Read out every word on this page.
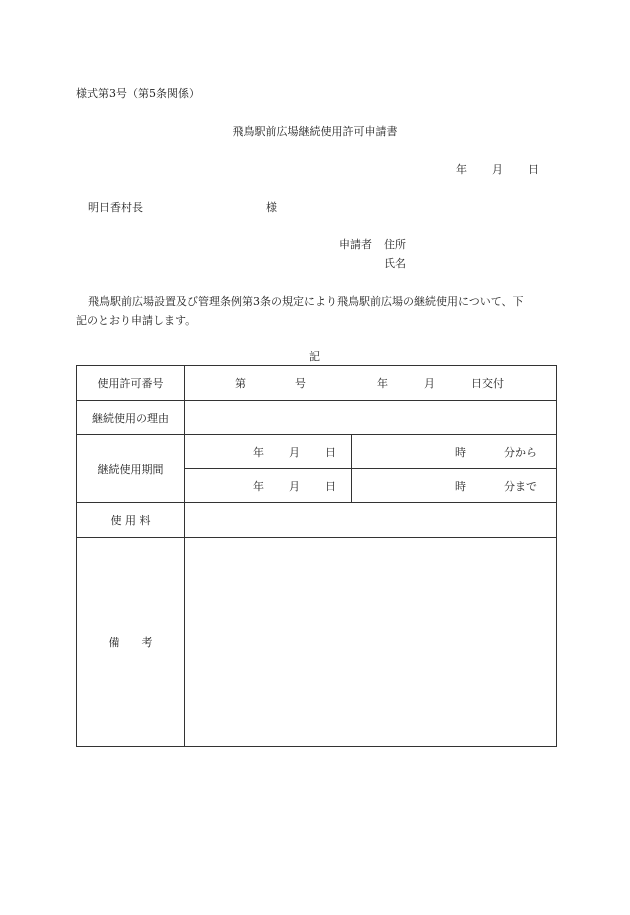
様式第3号（第5条関係）
飛鳥駅前広場継続使用許可申請書
年 月 日
明日香村長	様
申請者 住所
氏名
飛鳥駅前広場設置及び管理条例第3条の規定により飛鳥駅前広場の継続使用について、下
記のとおり申請します。
記
使用許可番号	第 号 年 月 日交付	

継続使用の理由		
継続使用期間	年 月 日	時 分から

	年 月 日	時 分まで

使 用 料		
備　　考		
